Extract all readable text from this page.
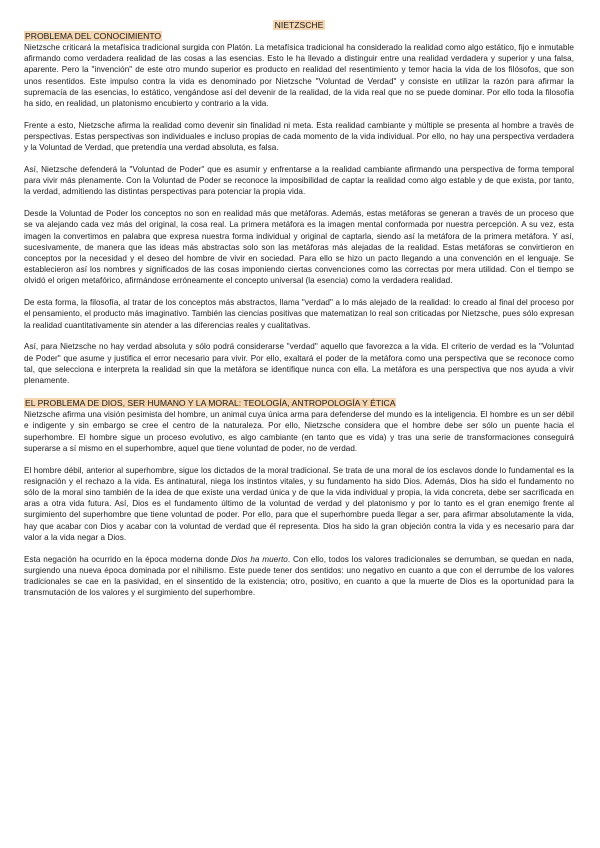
NIETZSCHE
PROBLEMA DEL CONOCIMIENTO

Nietzsche criticará la metafísica tradicional surgida con Platón. La metafísica tradicional ha considerado la realidad como algo estático, fijo e inmutable afirmando como verdadera realidad de las cosas a las esencias. Esto le ha llevado a distinguir entre una realidad verdadera y superior y una falsa, aparente. Pero la "invención" de este otro mundo superior es producto en realidad del resentimiento y temor hacia la vida de los filósofos, que son unos resentidos. Este impulso contra la vida es denominado por Nietzsche "Voluntad de Verdad" y consiste en utilizar la razón para afirmar la supremacía de las esencias, lo estático, vengándose así del devenir de la realidad, de la vida real que no se puede dominar. Por ello toda la filosofía ha sido, en realidad, un platonismo encubierto y contrario a la vida.

Frente a esto, Nietzsche afirma la realidad como devenir sin finalidad ni meta. Esta realidad cambiante y múltiple se presenta al hombre a través de perspectivas. Estas perspectivas son individuales e incluso propias de cada momento de la vida individual. Por ello, no hay una perspectiva verdadera y la Voluntad de Verdad, que pretendía una verdad absoluta, es falsa.

Así, Nietzsche defenderá la "Voluntad de Poder" que es asumir y enfrentarse a la realidad cambiante afirmando una perspectiva de forma temporal para vivir más plenamente. Con la Voluntad de Poder se reconoce la imposibilidad de captar la realidad como algo estable y de que exista, por tanto, la verdad, admitiendo las distintas perspectivas para potenciar la propia vida.

Desde la Voluntad de Poder los conceptos no son en realidad más que metáforas. Además, estas metáforas se generan a través de un proceso que se va alejando cada vez más del original, la cosa real. La primera metáfora es la imagen mental conformada por nuestra percepción. A su vez, esta imagen la convertimos en palabra que expresa nuestra forma individual y original de captarla, siendo así la metáfora de la primera metáfora. Y así, sucesivamente, de manera que las ideas más abstractas solo son las metáforas más alejadas de la realidad. Estas metáforas se convirtieron en conceptos por la necesidad y el deseo del hombre de vivir en sociedad. Para ello se hizo un pacto llegando a una convención en el lenguaje. Se establecieron así los nombres y significados de las cosas imponiendo ciertas convenciones como las correctas por mera utilidad. Con el tiempo se olvidó el origen metafórico, afirmándose erróneamente el concepto universal (la esencia) como la verdadera realidad.

De esta forma, la filosofía, al tratar de los conceptos más abstractos, llama "verdad" a lo más alejado de la realidad: lo creado al final del proceso por el pensamiento, el producto más imaginativo. También las ciencias positivas que matematizan lo real son criticadas por Nietzsche, pues sólo expresan la realidad cuantitativamente sin atender a las diferencias reales y cualitativas.

Así, para Nietzsche no hay verdad absoluta y sólo podrá considerarse "verdad" aquello que favorezca a la vida. El criterio de verdad es la "Voluntad de Poder" que asume y justifica el error necesario para vivir. Por ello, exaltará el poder de la metáfora como una perspectiva que se reconoce como tal, que selecciona e interpreta la realidad sin que la metáfora se identifique nunca con ella. La metáfora es una perspectiva que nos ayuda a vivir plenamente.

EL PROBLEMA DE DIOS, SER HUMANO Y LA MORAL: TEOLOGÍA, ANTROPOLOGÍA Y ÉTICA

Nietzsche afirma una visión pesimista del hombre, un animal cuya única arma para defenderse del mundo es la inteligencia. El hombre es un ser débil e indigente y sin embargo se cree el centro de la naturaleza. Por ello, Nietzsche considera que el hombre debe ser sólo un puente hacia el superhombre. El hombre sigue un proceso evolutivo, es algo cambiante (en tanto que es vida) y tras una serie de transformaciones conseguirá superarse a sí mismo en el superhombre, aquel que tiene voluntad de poder, no de verdad.

El hombre débil, anterior al superhombre, sigue los dictados de la moral tradicional. Se trata de una moral de los esclavos donde lo fundamental es la resignación y el rechazo a la vida. Es antinatural, niega los instintos vitales, y su fundamento ha sido Dios. Además, Dios ha sido el fundamento no sólo de la moral sino también de la idea de que existe una verdad única y de que la vida individual y propia, la vida concreta, debe ser sacrificada en aras a otra vida futura. Así, Dios es el fundamento último de la voluntad de verdad y del platonismo y por lo tanto es el gran enemigo frente al surgimiento del superhombre que tiene voluntad de poder. Por ello, para que el superhombre pueda llegar a ser, para afirmar absolutamente la vida, hay que acabar con Dios y acabar con la voluntad de verdad que él representa. Dios ha sido la gran objeción contra la vida y es necesario para dar valor a la vida negar a Dios.

Esta negación ha ocurrido en la época moderna donde Dios ha muerto. Con ello, todos los valores tradicionales se derrumban, se quedan en nada, surgiendo una nueva época dominada por el nihilismo. Este puede tener dos sentidos: uno negativo en cuanto a que con el derrumbe de los valores tradicionales se cae en la pasividad, en el sinsentido de la existencia; otro, positivo, en cuanto a que la muerte de Dios es la oportunidad para la transmutación de los valores y el surgimiento del superhombre.
